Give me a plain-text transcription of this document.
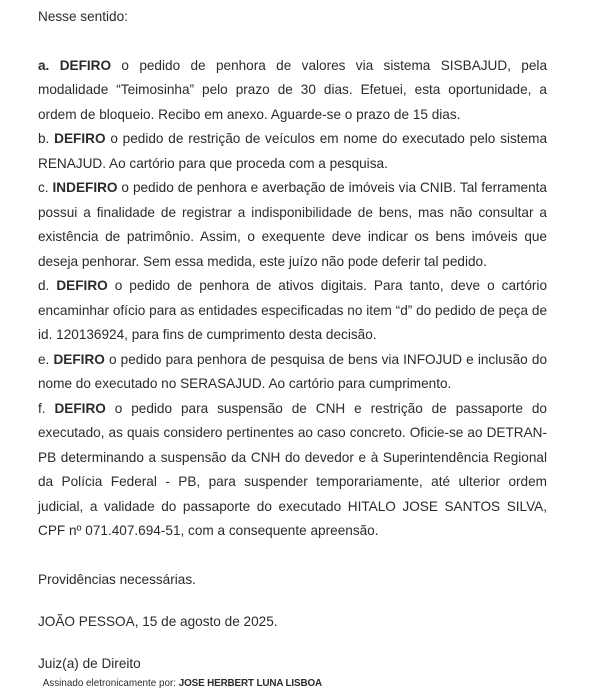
Nesse sentido:

a. DEFIRO o pedido de penhora de valores via sistema SISBAJUD, pela modalidade “Teimosinha” pelo prazo de 30 dias. Efetuei, esta oportunidade, a ordem de bloqueio. Recibo em anexo. Aguarde-se o prazo de 15 dias.

b. DEFIRO o pedido de restrição de veículos em nome do executado pelo sistema RENAJUD. Ao cartório para que proceda com a pesquisa.

c. INDEFIRO o pedido de penhora e averbação de imóveis via CNIB. Tal ferramenta possui a finalidade de registrar a indisponibilidade de bens, mas não consultar a existência de patrimônio. Assim, o exequente deve indicar os bens imóveis que deseja penhorar. Sem essa medida, este juízo não pode deferir tal pedido.

d. DEFIRO o pedido de penhora de ativos digitais. Para tanto, deve o cartório encaminhar ofício para as entidades especificadas no item “d” do pedido de peça de id. 120136924, para fins de cumprimento desta decisão.

e. DEFIRO o pedido para penhora de pesquisa de bens via INFOJUD e inclusão do nome do executado no SERASAJUD. Ao cartório para cumprimento.

f. DEFIRO o pedido para suspensão de CNH e restrição de passaporte do executado, as quais considero pertinentes ao caso concreto. Oficie-se ao DETRAN-PB determinando a suspensão da CNH do devedor e à Superintendência Regional da Polícia Federal - PB, para suspender temporariamente, até ulterior ordem judicial, a validade do passaporte do executado HITALO JOSE SANTOS SILVA, CPF nº 071.407.694-51, com a consequente apreensão.

Providências necessárias.

JOÃO PESSOA, 15 de agosto de 2025.

Juiz(a) de Direito

Assinado eletronicamente por: JOSE HERBERT LUNA LISBOA
